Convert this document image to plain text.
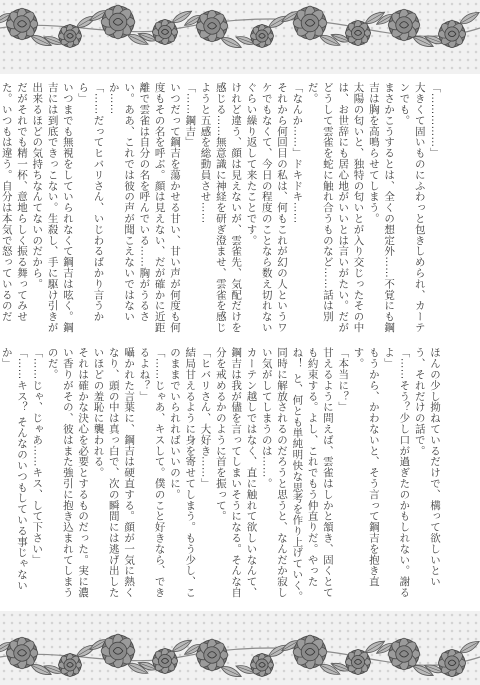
「……………」

大きくて固いものにふわっと包きしめられ、カーテンでも。

まさかこうするとは、全くの想定外……不覚にも鋼吉は胸を高鳴らせてしまう。

太陽の匂いと、独特の匂いとが入り交じったその中は、お世辞にも居心地がいいとは言いがたい。だがどうして雲雀を蛇に触れ合うものなど……話は別だ。

「なんか……」ドキドキ……

それから何回目の私は、何もこれが幻の人というワケでもなくて、今日の程度のことなら数え切れないぐらい繰り返して来たことです。

けれど違う、顔は見えないが、雲雀先、気配だけを感じる……無意識に神経を研ぎ澄ませ、雲雀を感じようと五感を総動員させ……

「……鋼吉」

いつだって鋼吉を蕩かせる甘い、甘い声が何度も何度もその名を呼ぶ。顔は見えない、だが確かに近距離で雲雀は自分の名を呼んでいる……胸がうるさい。ああ、これでは彼の声が聞こえないではないか……

「……だってヒバリさん、いじわるばかり言うから」

いつまでも無視をしていられなくて鋼吉は呟く。鋼吉には到底できっこない。生殺し、手に駆け引きが出来るほどの気持ちなんてないのだから。

だがそれでも精一杯、意地らしく振る舞ってみせた。いつもは違う。自分は本気で怒っているのだ

ほんの少し拗ねているだけで、構って欲しいという、それだけの話で。

「……そう？少し口が過ぎたのかもしれない。謝るよ」

もうから、かわないと、そう言って鋼吉を抱き直す。

「本当に？」

甘えるように問えば、雲雀はしかと頷き、固くとても約束する。よし、これでもう仲直りだ。やったね！ と、何とも単純明快な思考を作り上げていく。

同時に解放されるのだろうと思うと、なんだか寂しい気がしてしまうのは……。

カーテン越しではなく、直に触れて欲しいなんて、鋼吉は我が儘を言ってしまいそうになる。そんな自分を戒めるかのように首を振って。

「ヒバリさん、大好き……」

結局甘えるように身を寄せてしまう。もう少し、このままでいられればいいのに。

「……じゃあ、キスして。僕のこと好きなら、できるよね？」

囁かれた言葉に、鋼吉は硬直する。顔が一気に熱くなり、頭の中は真っ白で、次の瞬間には逃げ出したいほどの羞恥に襲われる。

それは確かな決心を必要とするものだった。実に濃い香りがその、彼はまた強引に抱き込まれてしまうのだ。

「……じゃ、じゃあ……キス、して下さい」

「……キス？ そんなのいつもしている事じゃないか」
